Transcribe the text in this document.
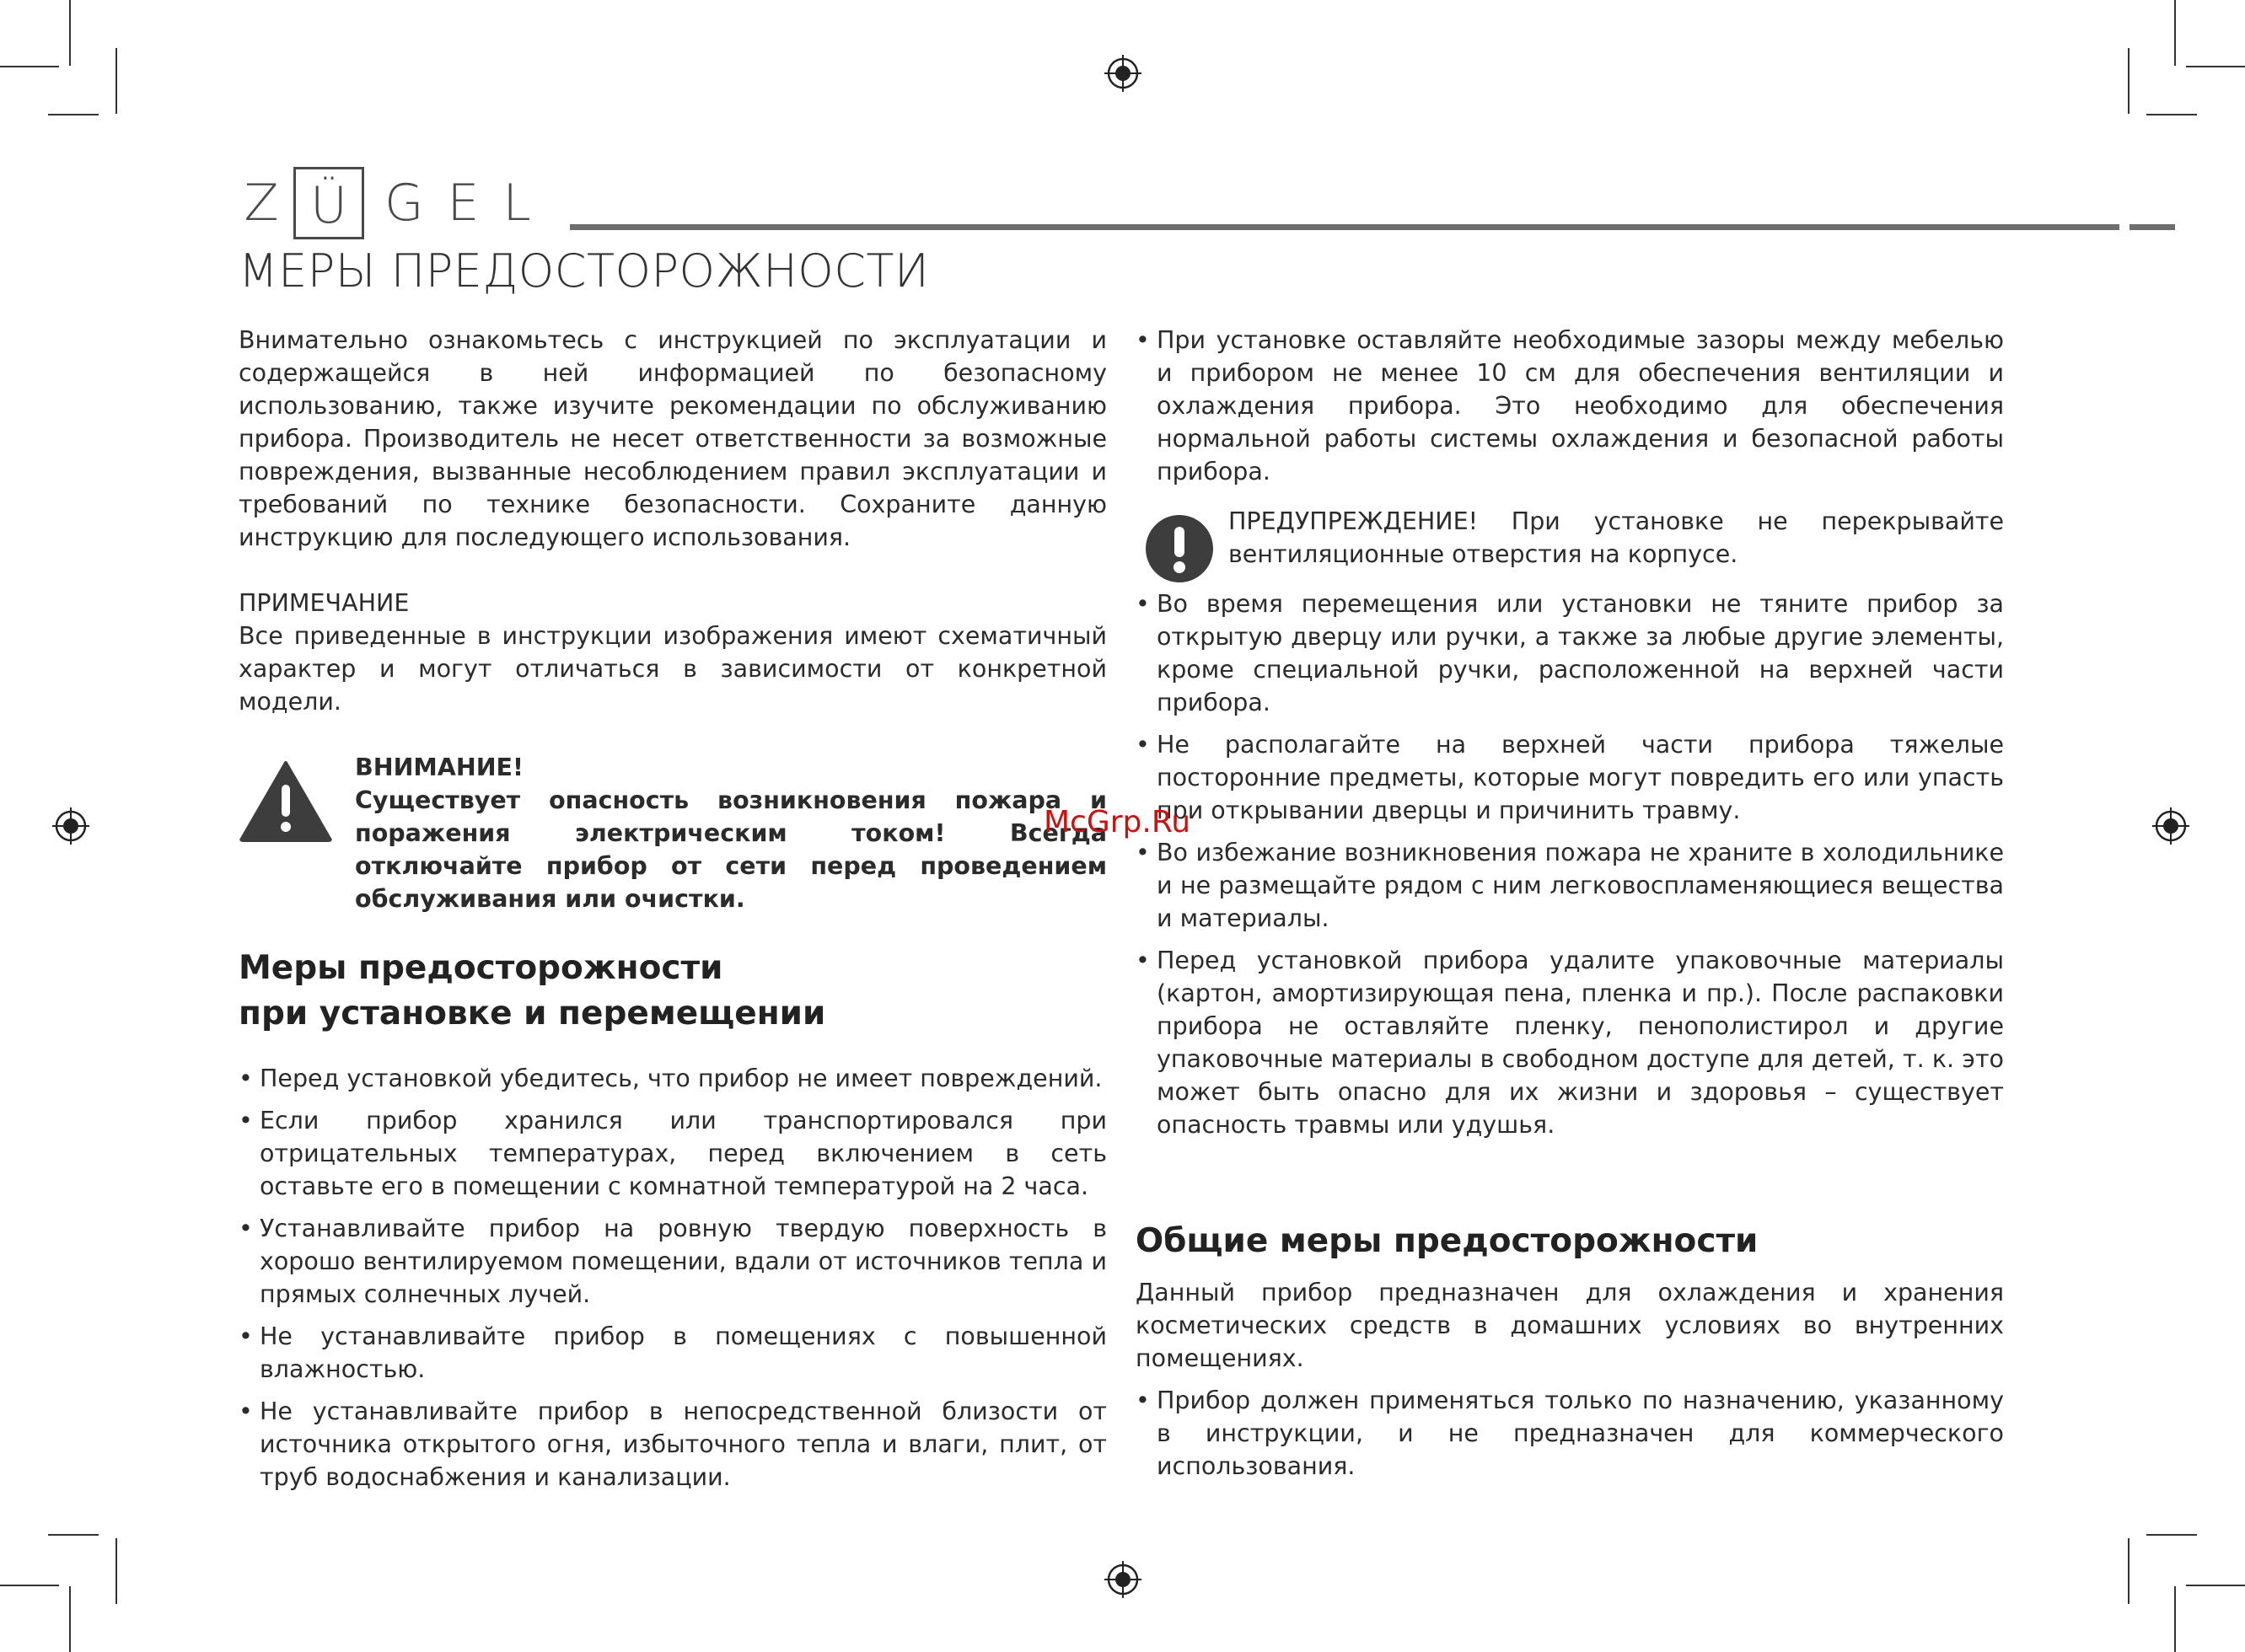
Z Ü GEL
МЕРЫ ПРЕДОСТОРОЖНОСТИ

Внимательно ознакомьтесь с инструкцией по эксплуатации и содержащейся в ней информацией по безопасному использованию, также изучите рекомендации по обслуживанию прибора. Производитель не несет ответственности за возможные повреждения, вызванные несоблюдением правил эксплуатации и требований по технике безопасности. Сохраните данную инструкцию для последующего использования.

ПРИМЕЧАНИЕ

Все приведенные в инструкции изображения имеют схематичный характер и могут отличаться в зависимости от конкретной модели.

ВНИМАНИЕ!

Существует опасность возникновения пожара и поражения электрическим током! Всегда отключайте прибор от сети перед проведением обслуживания или очистки.

Меры предосторожности
при установке и перемещении

• Перед установкой убедитесь, что прибор не имеет повреждений.

• Если прибор хранился или транспортировался при отрицательных температурах, перед включением в сеть оставьте его в помещении с комнатной температурой на 2 часа.

• Устанавливайте прибор на ровную твердую поверхность в хорошо вентилируемом помещении, вдали от источников тепла и прямых солнечных лучей.

• Не устанавливайте прибор в помещениях с повышенной влажностью.

• Не устанавливайте прибор в непосредственной близости от источника открытого огня, избыточного тепла и влаги, плит, от труб водоснабжения и канализации.

• При установке оставляйте необходимые зазоры между мебелью и прибором не менее 10 см для обеспечения вентиляции и охлаждения прибора. Это необходимо для обеспечения нормальной работы системы охлаждения и безопасной работы прибора.

ПРЕДУПРЕЖДЕНИЕ! При установке не перекрывайте вентиляционные отверстия на корпусе.

• Во время перемещения или установки не тяните прибор за открытую дверцу или ручки, а также за любые другие элементы, кроме специальной ручки, расположенной на верхней части прибора.

• Не располагайте на верхней части прибора тяжелые посторонние предметы, которые могут повредить его или упасть при открывании дверцы и причинить травму.

• Во избежание возникновения пожара не храните в холодильнике и не размещайте рядом с ним легковоспламеняющиеся вещества и материалы.

• Перед установкой прибора удалите упаковочные материалы (картон, амортизирующая пена, пленка и пр.). После распаковки прибора не оставляйте пленку, пенополистирол и другие упаковочные материалы в свободном доступе для детей, т. к. это может быть опасно для их жизни и здоровья – существует опасность травмы или удушья.

Общие меры предосторожности

Данный прибор предназначен для охлаждения и хранения косметических средств в домашних условиях во внутренних помещениях.

• Прибор должен применяться только по назначению, указанному в инструкции, и не предназначен для коммерческого использования.

McGrp.Ru
